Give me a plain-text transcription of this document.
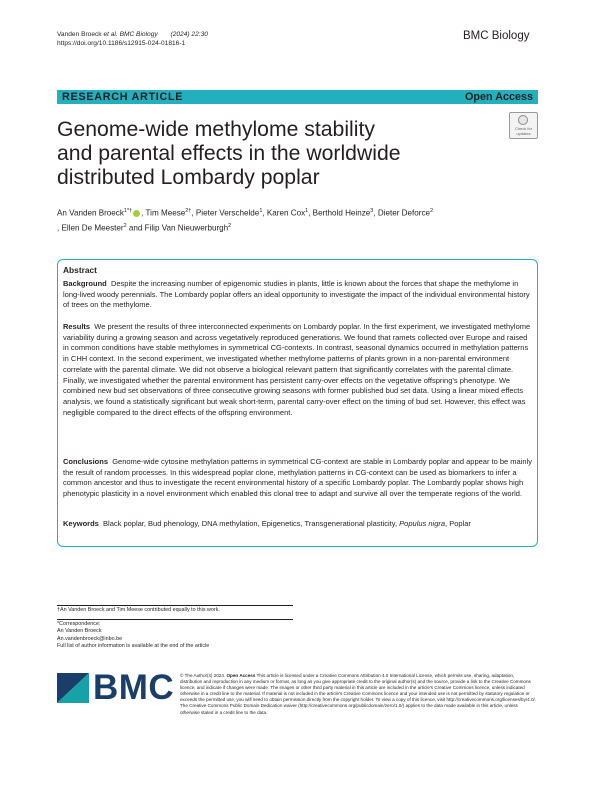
Vanden Broeck et al. BMC Biology (2024) 22:30
https://doi.org/10.1186/s12915-024-01816-1
BMC Biology
RESEARCH ARTICLE	Open Access
Check for
updates
Genome-wide methylome stability
and parental effects in the worldwide
distributed Lombardy poplar
An Vanden Broeck$^{1*\dagger}$ , Tim Meese$^{2\dagger}$, Pieter Verschelde$^1$, Karen Cox$^1$, Berthold Heinze$^3$, Dieter Deforce$^2$
, Ellen De Meester$^2$ and Filip Van Nieuwerburgh$^2$
Abstract
Background Despite the increasing number of epigenomic studies in plants, little is known about the forces that shape the methylome in long-lived woody perennials. The Lombardy poplar offers an ideal opportunity to investigate the impact of the individual environmental history of trees on the methylome.
Results We present the results of three interconnected experiments on Lombardy poplar. In the first experiment, we investigated methylome variability during a growing season and across vegetatively reproduced generations. We found that ramets collected over Europe and raised in common conditions have stable methylomes in symmetrical CG-contexts. In contrast, seasonal dynamics occurred in methylation patterns in CHH context. In the second experiment, we investigated whether methylome patterns of plants grown in a non-parental environment correlate with the parental climate. We did not observe a biological relevant pattern that significantly correlates with the parental climate. Finally, we investigated whether the parental environment has persistent carry-over effects on the vegetative offspring’s phenotype. We combined new bud set observations of three consecutive growing seasons with former published bud set data. Using a linear mixed effects analysis, we found a statistically significant but weak short-term, parental carry-over effect on the timing of bud set. However, this effect was negligible compared to the direct effects of the offspring environment.
Conclusions Genome-wide cytosine methylation patterns in symmetrical CG-context are stable in Lombardy poplar and appear to be mainly the result of random processes. In this widespread poplar clone, methylation patterns in CG-context can be used as biomarkers to infer a common ancestor and thus to investigate the recent environmental history of a specific Lombardy poplar. The Lombardy poplar shows high phenotypic plasticity in a novel environment which enabled this clonal tree to adapt and survive all over the temperate regions of the world.
Keywords Black poplar, Bud phenology, DNA methylation, Epigenetics, Transgenerational plasticity, Populus nigra, Poplar
†An Vanden Broeck and Tim Meese contributed equally to this work.
*Correspondence:
An Vanden Broeck
An.vandenbroeck@inbo.be
Full list of author information is available at the end of the article
BMC © The Author(s) 2024. Open Access This article is licensed under a Creative Commons Attribution 4.0 International License, which permits use, sharing, adaptation, distribution and reproduction in any medium or format, as long as you give appropriate credit to the original author(s) and the source, provide a link to the Creative Commons licence, and indicate if changes were made. The images or other third party material in this article are included in the article's Creative Commons licence, unless indicated otherwise in a credit line to the material. If material is not included in the article's Creative Commons licence and your intended use is not permitted by statutory regulation or exceeds the permitted use, you will need to obtain permission directly from the copyright holder. To view a copy of this licence, visit http://creativecommons.org/licenses/by/4.0/. The Creative Commons Public Domain Dedication waiver (http://creativecommons.org/publicdomain/zero/1.0/) applies to the data made available in this article, unless otherwise stated in a credit line to the data.
